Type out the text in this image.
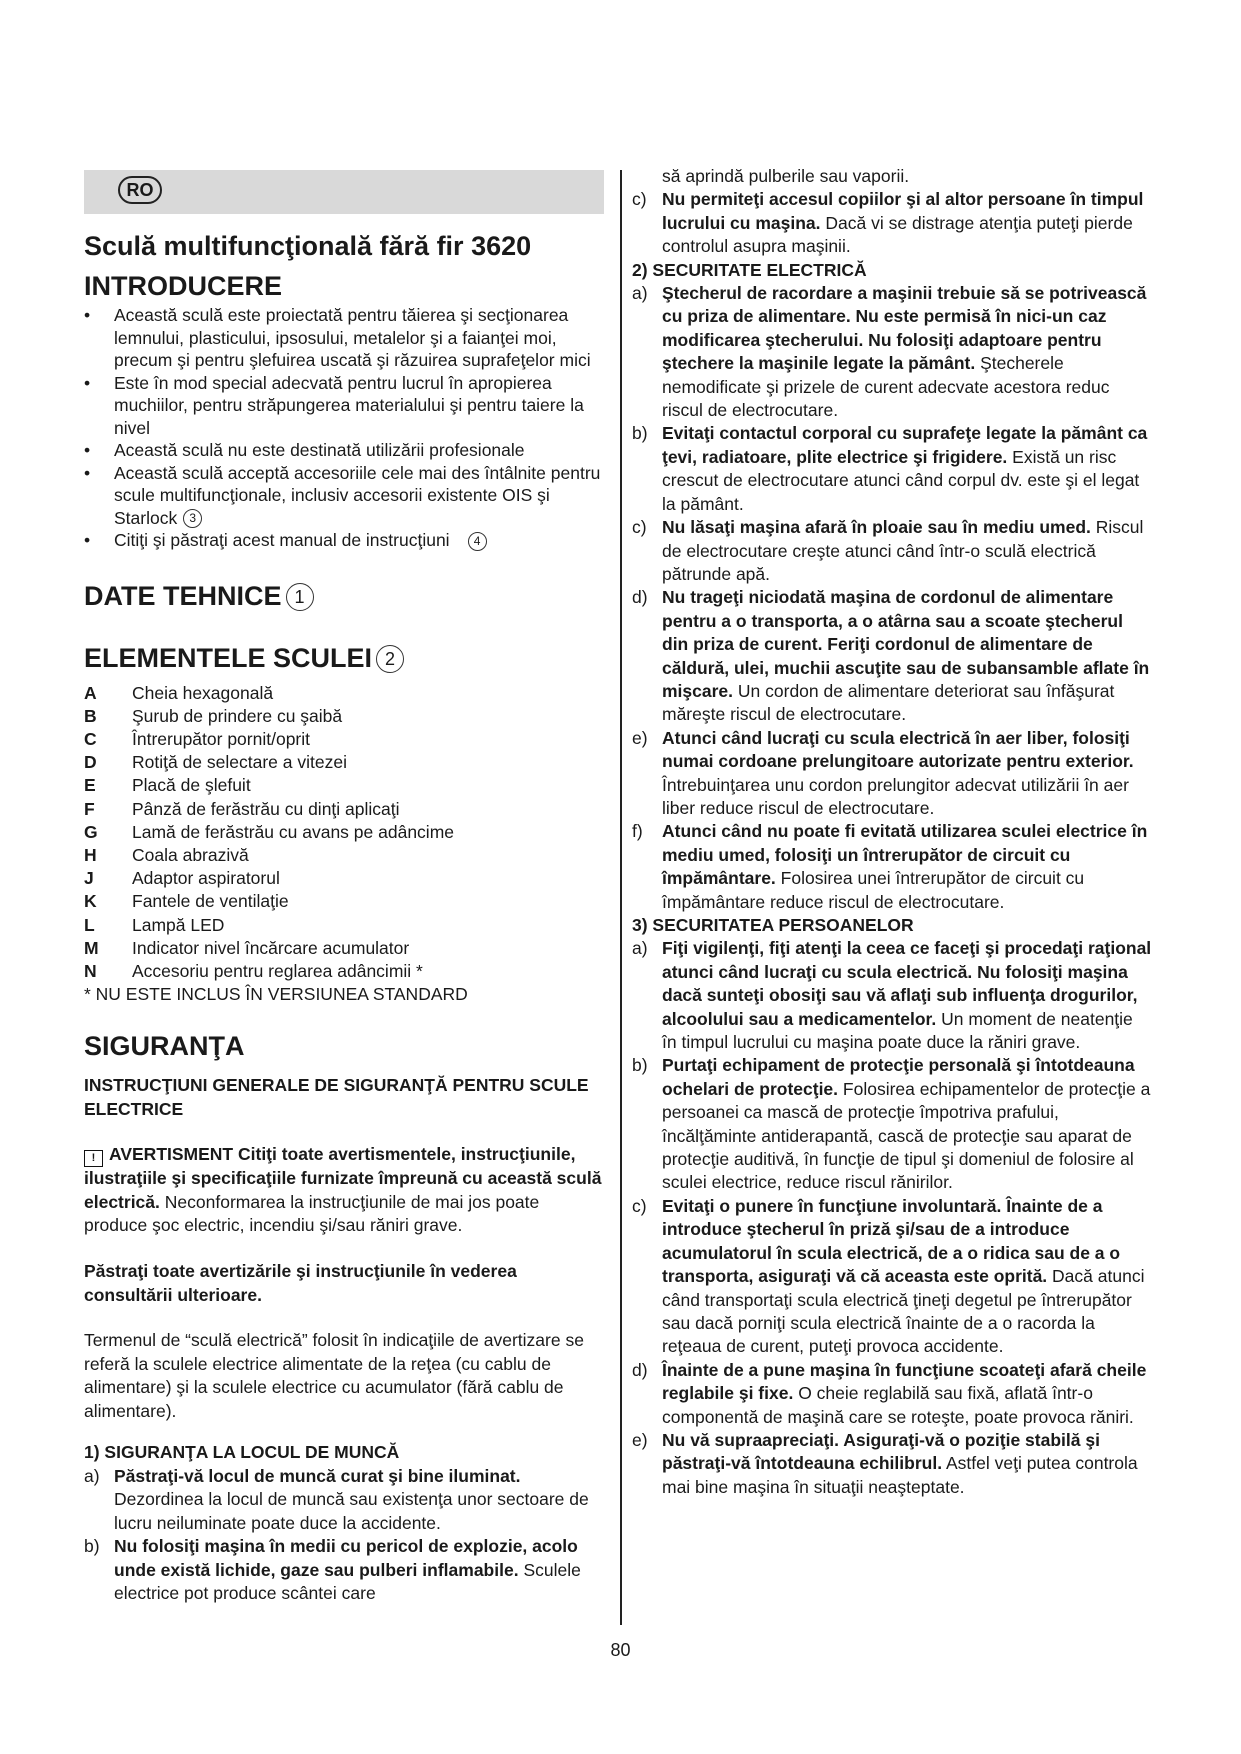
RO
Sculă multifuncţională fără fir 3620
INTRODUCERE
• Această sculă este proiectată pentru tăierea şi secţionarea lemnului, plasticului, ipsosului, metalelor şi a faianţei moi, precum şi pentru şlefuirea uscată şi răzuirea suprafeţelor mici
• Este în mod special adecvată pentru lucrul în apropierea muchiilor, pentru străpungerea materialului şi pentru taiere la nivel
• Această sculă nu este destinată utilizării profesionale
• Această sculă acceptă accesoriile cele mai des întâlnite pentru scule multifuncţionale, inclusiv accesorii existente OIS şi Starlock 3
• Citiţi şi păstraţi acest manual de instrucţiuni 4
DATE TEHNICE 1
ELEMENTELE SCULEI 2
A	Cheia hexagonală
B	Şurub de prindere cu şaibă
C	Întrerupător pornit/oprit
D	Rotiţă de selectare a vitezei
E	Placă de şlefuit
F	Pânză de ferăstrău cu dinţi aplicaţi
G	Lamă de ferăstrău cu avans pe adâncime
H	Coala abrazivă
J	Adaptor aspiratorul
K	Fantele de ventilaţie
L	Lampă LED
M	Indicator nivel încărcare acumulator
N	Accesoriu pentru reglarea adâncimii *
* NU ESTE INCLUS ÎN VERSIUNEA STANDARD
SIGURANŢA

INSTRUCŢIUNI GENERALE DE SIGURANŢĂ PENTRU SCULE ELECTRICE

! AVERTISMENT Citiţi toate avertismentele, instrucţiunile, ilustraţiile şi specificaţiile furnizate împreună cu această sculă electrică. Neconformarea la instrucţiunile de mai jos poate produce şoc electric, incendiu şi/sau răniri grave.

Păstraţi toate avertizările şi instrucţiunile în vederea consultării ulterioare.

Termenul de “sculă electrică” folosit în indicaţiile de avertizare se referă la sculele electrice alimentate de la reţea (cu cablu de alimentare) şi la sculele electrice cu acumulator (fără cablu de alimentare).

1) SIGURANŢA LA LOCUL DE MUNCĂ
a) Păstraţi-vă locul de muncă curat şi bine iluminat. Dezordinea la locul de muncă sau existenţa unor sectoare de lucru neiluminate poate duce la accidente.
b) Nu folosiţi maşina în medii cu pericol de explozie, acolo unde există lichide, gaze sau pulberi inflamabile. Sculele electrice pot produce scântei care
să aprindă pulberile sau vaporii.
c) Nu permiteţi accesul copiilor şi al altor persoane în timpul lucrului cu maşina. Dacă vi se distrage atenţia puteţi pierde controlul asupra maşinii.
2) SECURITATE ELECTRICĂ
a) Ştecherul de racordare a maşinii trebuie să se potrivească cu priza de alimentare. Nu este permisă în nici-un caz modificarea ştecherului. Nu folosiţi adaptoare pentru ştechere la maşinile legate la pământ. Ştecherele nemodificate şi prizele de curent adecvate acestora reduc riscul de electrocutare.
b) Evitaţi contactul corporal cu suprafeţe legate la pământ ca ţevi, radiatoare, plite electrice şi frigidere. Există un risc crescut de electrocutare atunci când corpul dv. este şi el legat la pământ.
c) Nu lăsaţi maşina afară în ploaie sau în mediu umed. Riscul de electrocutare creşte atunci când într-o sculă electrică pătrunde apă.
d) Nu trageţi niciodată maşina de cordonul de alimentare pentru a o transporta, a o atârna sau a scoate ştecherul din priza de curent. Feriţi cordonul de alimentare de căldură, ulei, muchii ascuţite sau de subansamble aflate în mişcare. Un cordon de alimentare deteriorat sau înfăşurat măreşte riscul de electrocutare.
e) Atunci când lucraţi cu scula electrică în aer liber, folosiţi numai cordoane prelungitoare autorizate pentru exterior. Întrebuinţarea unu cordon prelungitor adecvat utilizării în aer liber reduce riscul de electrocutare.
f)	Atunci când nu poate fi evitată utilizarea sculei electrice în mediu umed, folosiţi un întrerupător de circuit cu împământare. Folosirea unei întrerupător de circuit cu împământare reduce riscul de electrocutare.
3) SECURITATEA PERSOANELOR
a) Fiţi vigilenţi, fiţi atenţi la ceea ce faceţi şi procedaţi raţional atunci când lucraţi cu scula electrică. Nu folosiţi maşina dacă sunteţi obosiţi sau vă aflaţi sub influenţa drogurilor, alcoolului sau a medicamentelor. Un moment de neatenţie în timpul lucrului cu maşina poate duce la răniri grave.
b) Purtaţi echipament de protecţie personală şi întotdeauna ochelari de protecţie. Folosirea echipamentelor de protecţie a persoanei ca mască de protecţie împotriva prafului, încălţăminte antiderapantă, cască de protecţie sau aparat de protecţie auditivă, în funcţie de tipul şi domeniul de folosire al sculei electrice, reduce riscul rănirilor.
c) Evitaţi o punere în funcţiune involuntară. Înainte de a introduce ştecherul în priză şi/sau de a introduce acumulatorul în scula electrică, de a o ridica sau de a o transporta, asiguraţi vă că aceasta este oprită. Dacă atunci când transportaţi scula electrică ţineţi degetul pe întrerupător sau dacă porniţi scula electrică înainte de a o racorda la reţeaua de curent, puteţi provoca accidente.
d) Înainte de a pune maşina în funcţiune scoateţi afară cheile reglabile şi fixe. O cheie reglabilă sau fixă, aflată într-o componentă de maşină care se roteşte, poate provoca răniri.
e) Nu vă supraapreciaţi. Asiguraţi-vă o poziţie stabilă şi păstraţi-vă întotdeauna echilibrul. Astfel veţi putea controla mai bine maşina în situaţii neaşteptate.
80
